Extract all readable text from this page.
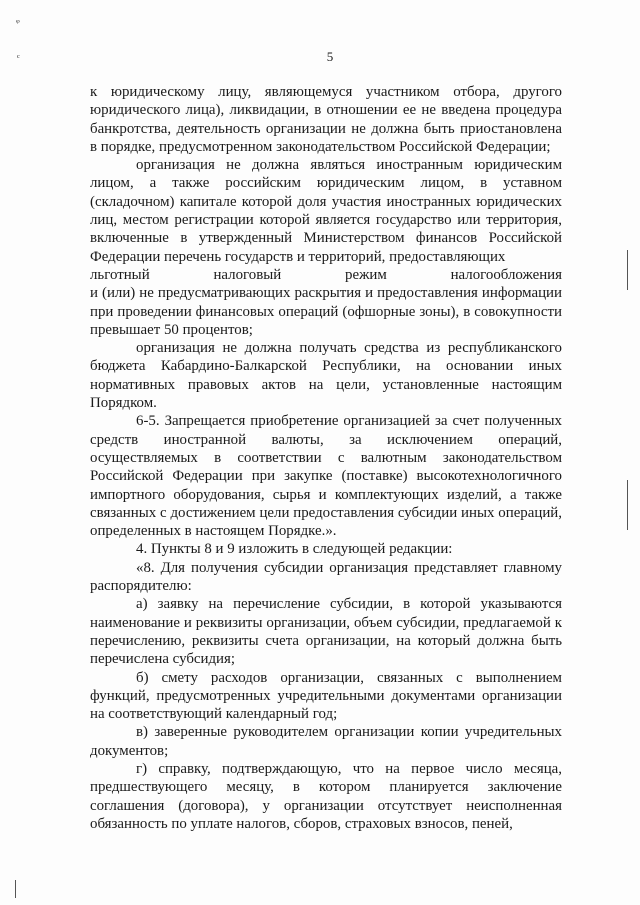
ᵩ
ᶜ	5

к юридическому лицу, являющемуся участником отбора, другого юридического лица), ликвидации, в отношении ее не введена процедура банкротства, деятельность организации не должна быть приостановлена в порядке, предусмотренном законодательством Российской Федерации;

организация не должна являться иностранным юридическим лицом, а также российским юридическим лицом, в уставном (складочном) капитале которой доля участия иностранных юридических лиц, местом регистрации которой является государство или территория, включенные в утвержденный Министерством финансов Российской Федерации перечень государств и территорий, предоставляющих

льготный налоговый режим налогообложения

и (или) не предусматривающих раскрытия и предоставления информации при проведении финансовых операций (офшорные зоны), в совокупности превышает 50 процентов;

организация не должна получать средства из республиканского бюджета Кабардино-Балкарской Республики, на основании иных нормативных правовых актов на цели, установленные настоящим Порядком.

6-5. Запрещается приобретение организацией за счет полученных средств иностранной валюты, за исключением операций, осуществляемых в соответствии с валютным законодательством Российской Федерации при закупке (поставке) высокотехнологичного импортного оборудования, сырья и комплектующих изделий, а также связанных с достижением цели предоставления субсидии иных операций, определенных в настоящем Порядке.».

4. Пункты 8 и 9 изложить в следующей редакции:

«8. Для получения субсидии организация представляет главному распорядителю:

а) заявку на перечисление субсидии, в которой указываются наименование и реквизиты организации, объем субсидии, предлагаемой к перечислению, реквизиты счета организации, на который должна быть перечислена субсидия;

б) смету расходов организации, связанных с выполнением функций, предусмотренных учредительными документами организации на соответствующий календарный год;

в) заверенные руководителем организации копии учредительных документов;

г) справку, подтверждающую, что на первое число месяца, предшествующего месяцу, в котором планируется заключение соглашения (договора), у организации отсутствует неисполненная обязанность по уплате налогов, сборов, страховых взносов, пеней,
